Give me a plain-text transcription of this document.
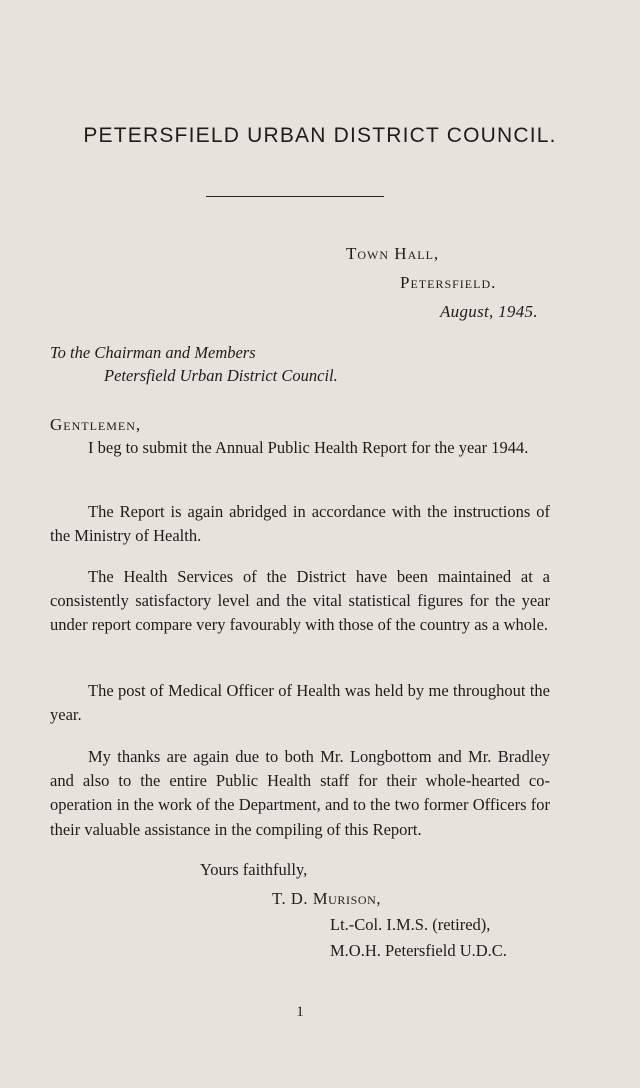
PETERSFIELD URBAN DISTRICT COUNCIL.
Town Hall,
Petersfield.
August, 1945.
To the Chairman and Members
Petersfield Urban District Council.
Gentlemen,

I beg to submit the Annual Public Health Report for the year 1944.

The Report is again abridged in accordance with the instructions of the Ministry of Health.

The Health Services of the District have been maintained at a consistently satisfactory level and the vital statistical figures for the year under report compare very favourably with those of the country as a whole.

The post of Medical Officer of Health was held by me throughout the year.

My thanks are again due to both Mr. Longbottom and Mr. Bradley and also to the entire Public Health staff for their whole-hearted co-operation in the work of the Department, and to the two former Officers for their valuable assistance in the compiling of this Report.

Yours faithfully,
T. D. Murison,
Lt.-Col. I.M.S. (retired),
M.O.H. Petersfield U.D.C.
1
